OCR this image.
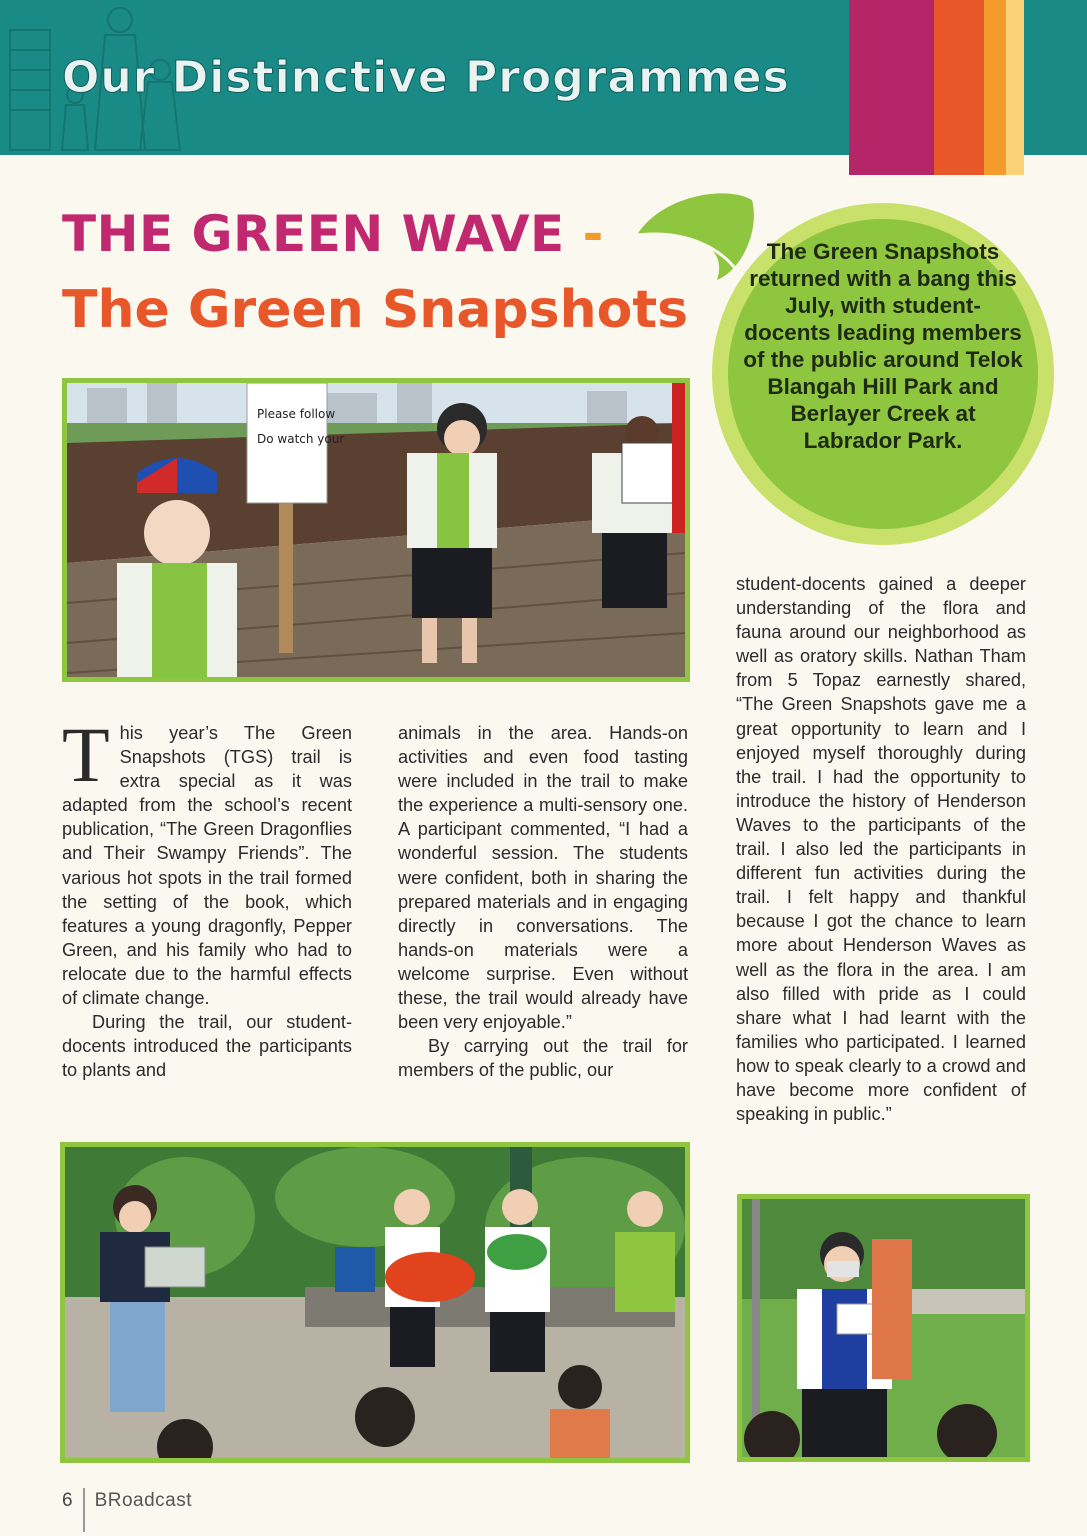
Our Distinctive Programmes
THE GREEN WAVE -
The Green Snapshots
The Green Snapshots returned with a bang this July, with student-docents leading members of the public around Telok Blangah Hill Park and Berlayer Creek at Labrador Park.
Please follow
Do watch your

This year’s The Green Snapshots (TGS) trail is extra special as it was adapted from the school’s recent publication, “The Green Dragonflies and Their Swampy Friends”. The various hot spots in the trail formed the setting of the book, which features a young dragonfly, Pepper Green, and his family who had to relocate due to the harmful effects of climate change.

During the trail, our student-docents introduced the participants to plants and

animals in the area. Hands-on activities and even food tasting were included in the trail to make the experience a multi-sensory one. A participant commented, “I had a wonderful session. The students were confident, both in sharing the prepared materials and in engaging directly in conversations. The hands-on materials were a welcome surprise. Even without these, the trail would already have been very enjoyable.”

By carrying out the trail for members of the public, our

student-docents gained a deeper understanding of the flora and fauna around our neighborhood as well as oratory skills. Nathan Tham from 5 Topaz earnestly shared, “The Green Snapshots gave me a great opportunity to learn and I enjoyed myself thoroughly during the trail. I had the opportunity to introduce the history of Henderson Waves to the participants of the trail. I also led the participants in different fun activities during the trail. I felt happy and thankful because I got the chance to learn more about Henderson Waves as well as the flora in the area. I am also filled with pride as I could share what I had learnt with the families who participated. I learned how to speak clearly to a crowd and have become more confident of speaking in public.”

6 BRoadcast
